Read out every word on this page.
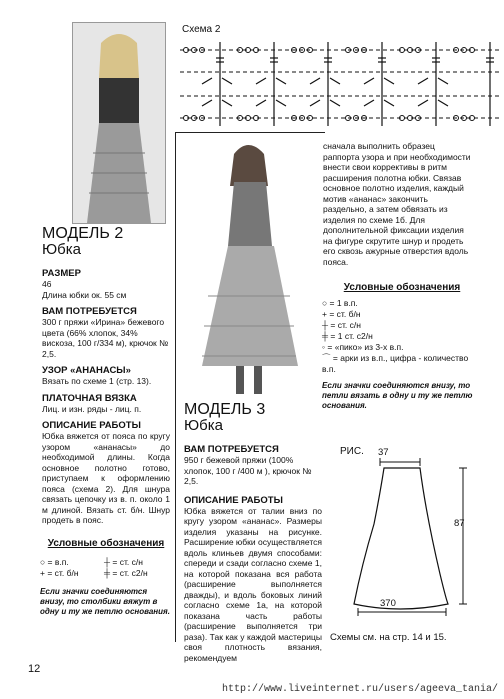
Схема 2
МОДЕЛЬ 2
Юбка
РАЗМЕР
46
Длина юбки ок. 55 см
ВАМ ПОТРЕБУЕТСЯ
300 г пряжи «Ирина» бежевого цвета (66% хлопок, 34% вискоза, 100 г/334 м), крючок № 2,5.
УЗОР «АНАНАСЫ»
Вязать по схеме 1 (стр. 13).
ПЛАТОЧНАЯ ВЯЗКА
Лиц. и изн. ряды - лиц. п.
ОПИСАНИЕ РАБОТЫ
Юбка вяжется от пояса по кругу узором «ананасы» до необходимой длины. Когда основное полотно готово, приступаем к оформлению пояса (схема 2). Для шнура связать цепочку из в. п. около 1 м длиной. Вязать ст. б/н. Шнур продеть в пояс.
Условные обозначения
○ = в.п.	┼ = ст. с/н
+ = ст. б/н	╪ = ст. с2/н
Если значки соединяются внизу, то столбики вяжут в одну и ту же петлю основания.
сначала выполнить образец раппорта узора и при необходимости внести свои коррективы в ритм расширения полотна юбки. Связав основное полотно изделия, каждый мотив «ананас» закончить раздельно, а затем обвязать из изделия по схеме 1б. Для дополнительной фиксации изделия на фигуре скрутите шнур и продеть его сквозь ажурные отверстия вдоль пояса.
Условные обозначения
○ = 1 в.п.
+ = ст. б/н
┼ = ст. с/н
╪ = 1 ст. с2/н
◦ = «пико» из 3-х в.п.
⌒ = арки из в.п., цифра - количество в.п.
Если значки соединяются внизу, то петли вязать в одну и ту же петлю основания.
МОДЕЛЬ 3
Юбка
ВАМ ПОТРЕБУЕТСЯ
950 г бежевой пряжи (100% хлопок, 100 г /400 м ), крючок № 2,5.
ОПИСАНИЕ РАБОТЫ
Юбка вяжется от талии вниз по кругу узором «ананас». Размеры изделия указаны на рисунке. Расширение юбки осуществляется вдоль клиньев двумя способами: спереди и сзади согласно схеме 1, на которой показана вся работа (расширение выполняется дважды), и вдоль боковых линий согласно схеме 1а, на которой показана часть работы (расширение выполняется три раза). Так как у каждой мастерицы своя плотность вязания, рекомендуем
РИС. 37
87
370
Схемы см. на стр. 14 и 15.
12
http://www.liveinternet.ru/users/ageeva_tania/
